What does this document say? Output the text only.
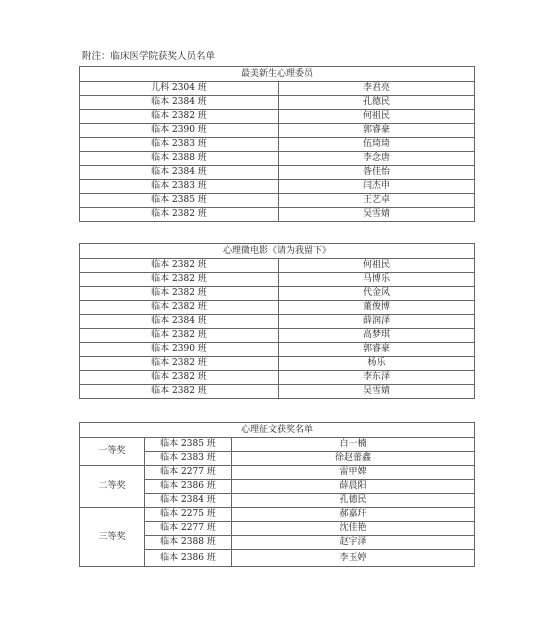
附注：临床医学院获奖人员名单
最美新生心理委员	
儿科 2304 班	李君亮
临本 2384 班	孔德民
临本 2382 班	何祖民
临本 2390 班	郭睿豪
临本 2383 班	伍琦琦
临本 2388 班	李念唐
临本 2384 班	昝佳怡
临本 2383 班	闫杰申
临本 2385 班	王艺卓
临本 2382 班	吴雪婧
心理微电影《请为我留下》	
临本 2382 班	何祖民
临本 2382 班	马博乐
临本 2382 班	代金风
临本 2382 班	董俊博
临本 2384 班	薛润泽
临本 2382 班	高梦琪
临本 2390 班	郭睿豪
临本 2382 班	杨乐
临本 2382 班	李东泽
临本 2382 班	吴雪婧
心理征文获奖名单		
一等奖	临本 2385 班	白一楠
	临本 2383 班	徐赵蕾鑫
二等奖	临本 2277 班	雷甲婢
	临本 2386 班	薛晨阳
	临本 2384 班	孔德民
三等奖	临本 2275 班	郝嘉玕
	临本 2277 班	沈佳艳
	临本 2388 班	赵宇泽
	临本 2386 班	李玉婷
